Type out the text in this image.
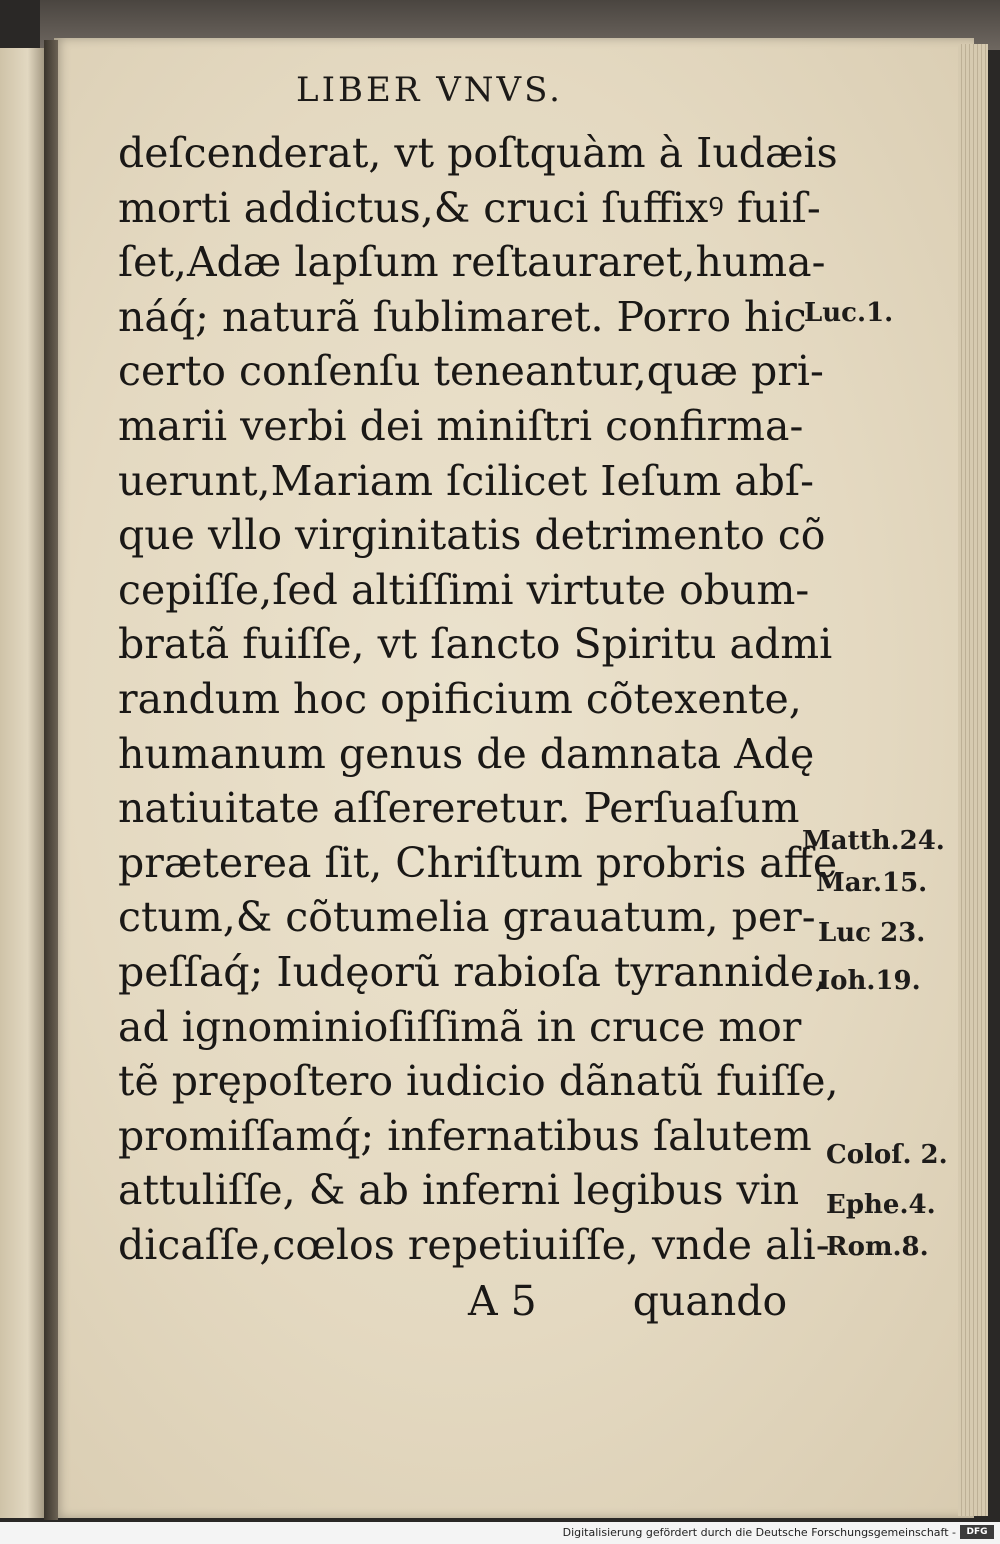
LIBER VNVS.
deſcenderat, vt poſtquàm à Iudæis
morti addictus,& cruci ſuffixꝰ fuiſ-
ſet,Adæ lapſum reſtauraret,huma-
náq́; naturã ſublimaret. Porro hic
certo conſenſu teneantur,quæ pri-
marii verbi dei miniſtri confirma-
uerunt,Mariam ſcilicet Ieſum abſ-
que vllo virginitatis detrimento cõ
cepiſſe,ſed altiſſimi virtute obum-
bratã fuiſſe, vt ſancto Spiritu admi
randum hoc opificium cõtexente,
humanum genus de damnata Adę
natiuitate aſſereretur. Perſuaſum
præterea ſit, Chriſtum probris affe
ctum,& cõtumelia grauatum, per-
peſſaq́; Iudęorũ rabioſa tyrannide,
ad ignominioſiſſimã in cruce mor
tẽ prępoſtero iudicio dãnatũ fuiſſe,
promiſſamq́; infernatibus ſalutem
attuliſſe, & ab inferni legibus vin
dicaſſe,cœlos repetiuiſſe, vnde ali-
A 5 quando
Luc.1.
Matth.24.
Mar.15.
Luc 23.
Ioh.19.
Coloſ. 2.
Ephe.4.
Rom.8.
Digitalisierung gefördert durch die Deutsche Forschungsgemeinschaft -	DFG
